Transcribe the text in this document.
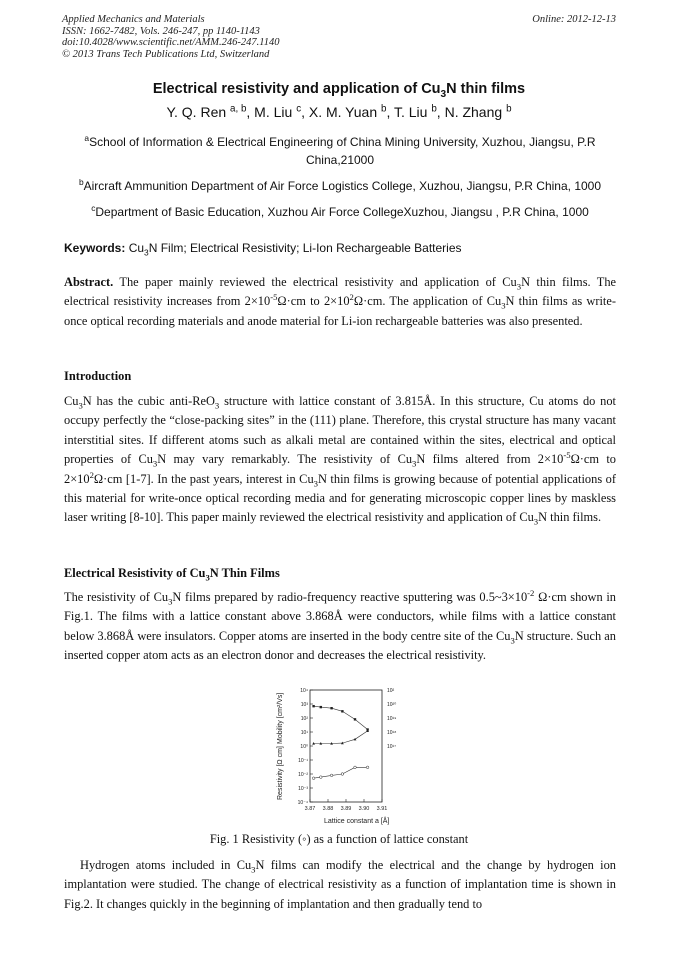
Applied Mechanics and Materials	Online: 2012-12-13
ISSN: 1662-7482, Vols. 246-247, pp 1140-1143
doi:10.4028/www.scientific.net/AMM.246-247.1140
© 2013 Trans Tech Publications Ltd, Switzerland
Electrical resistivity and application of $Cu_3N$ thin films
Y. Q. Ren $^{a, b}$, M. Liu $^c$, X. M. Yuan $^b$, T. Liu $^b$, N. Zhang $^b$
$^a$School of Information & Electrical Engineering of China Mining University, Xuzhou, Jiangsu, P.R
China,21000
$^b$Aircraft Ammunition Department of Air Force Logistics College, Xuzhou, Jiangsu, P.R China, 1000
$^c$Department of Basic Education, Xuzhou Air Force CollegeXuzhou, Jiangsu , P.R China, 1000
Keywords: $Cu_3N$ Film; Electrical Resistivity; Li-Ion Rechargeable Batteries
Abstract. The paper mainly reviewed the electrical resistivity and application of $Cu_3N$ thin films. The electrical resistivity increases from $2\times 10^{-5}\Omega\cdot cm$ to $2\times 10^2\Omega\cdot cm$. The application of $Cu_3N$ thin films as write-once optical recording materials and anode material for Li-ion rechargeable batteries was also presented.
Introduction
$Cu_3N$ has the cubic anti-ReO$_3$ structure with lattice constant of 3.815Å. In this structure, Cu atoms do not occupy perfectly the “close-packing sites” in the (111) plane. Therefore, this crystal structure has many vacant interstitial sites. If different atoms such as alkali metal are contained within the sites, electrical and optical properties of $Cu_3N$ may vary remarkably. The resistivity of $Cu_3N$ films altered from $2\times 10^{-5}\Omega\cdot cm$ to $2\times 10^2\Omega\cdot cm$ [1-7]. In the past years, interest in $Cu_3N$ thin films is growing because of potential applications of this material for write-once optical recording media and for generating microscopic copper lines by maskless laser writing [8-10]. This paper mainly reviewed the electrical resistivity and application of $Cu_3N$ thin films.
Electrical Resistivity of $Cu_3N$ Thin Films
The resistivity of $Cu_3N$ films prepared by radio-frequency reactive sputtering was $0.5\sim 3\times 10^{-2}$ Ω·cm shown in Fig.1. The films with a lattice constant above 3.868Å were conductors, while films with a lattice constant below 3.868Å were insulators. Copper atoms are inserted in the body centre site of the $Cu_3N$ structure. Such an inserted copper atom acts as an electron donor and decreases the electrical resistivity.
3.87 3.88 3.89 3.90 3.91
10⁴
10³
10²
10¹
10⁰
10⁻¹
10⁻²
10⁻³
10⁻⁴
10²
10²⁰
10¹⁹
10¹⁸
10¹⁷
Resistivity [Ω cm]
Mobility [cm²/Vs]
Lattice constant a [Å]
Fig. 1 Resistivity (◦) as a function of lattice constant
Hydrogen atoms included in $Cu_3N$ films can modify the electrical and the change by hydrogen ion implantation were studied. The change of electrical resistivity as a function of implantation time is shown in Fig.2. It changes quickly in the beginning of implantation and then gradually tend to
